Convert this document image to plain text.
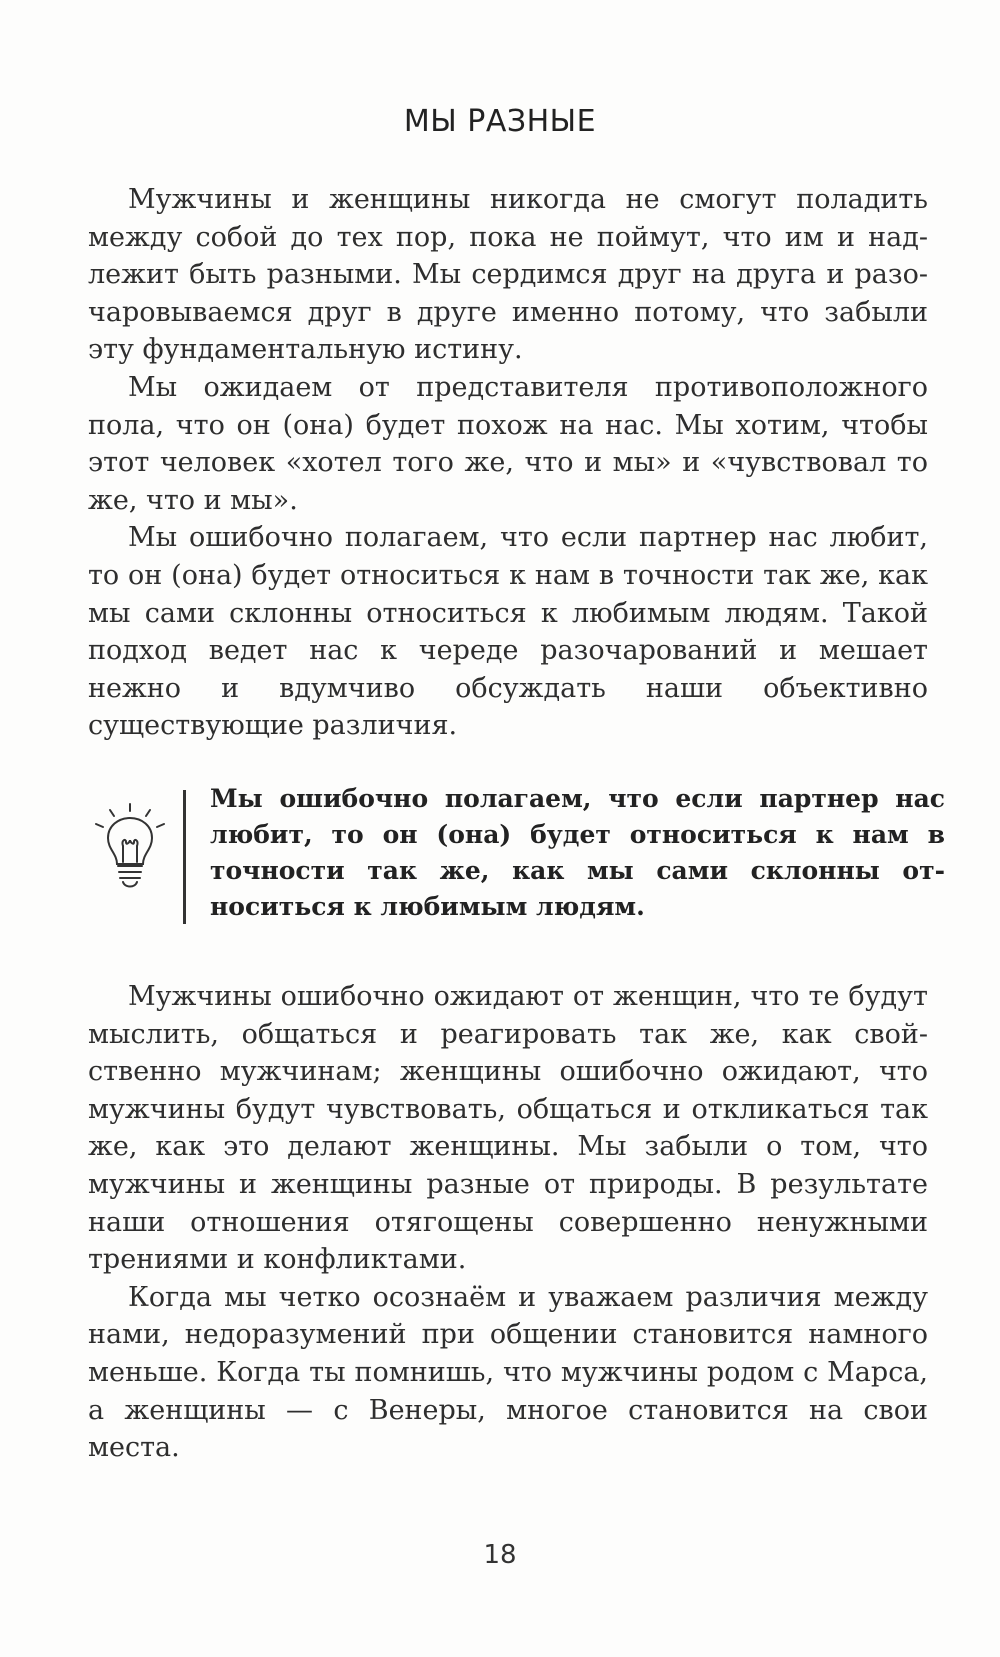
МЫ РАЗНЫЕ

Мужчины и женщины никогда не смогут поладить между собой до тех пор, пока не поймут, что им и надлежит быть разными. Мы сердимся друг на друга и разочаровываемся друг в друге именно потому, что забыли эту фундаментальную истину.

Мы ожидаем от представителя противоположного пола, что он (она) будет похож на нас. Мы хотим, чтобы этот человек «хотел того же, что и мы» и «чувствовал то же, что и мы».

Мы ошибочно полагаем, что если партнер нас любит, то он (она) будет относиться к нам в точности так же, как мы сами склонны относиться к любимым людям. Такой подход ведет нас к череде разочарований и мешает нежно и вдумчиво обсуждать наши объективно существующие различия.

Мы ошибочно полагаем, что если партнер нас любит, то он (она) будет относиться к нам в точности так же, как мы сами склонны относиться к любимым людям.

Мужчины ошибочно ожидают от женщин, что те будут мыслить, общаться и реагировать так же, как свойственно мужчинам; женщины ошибочно ожидают, что мужчины будут чувствовать, общаться и откликаться так же, как это делают женщины. Мы забыли о том, что мужчины и женщины разные от природы. В результате наши отношения отягощены совершенно ненужными трениями и конфликтами.

Когда мы четко осознаём и уважаем различия между нами, недоразумений при общении становится намного меньше. Когда ты помнишь, что мужчины родом с Марса, а женщины — с Венеры, многое становится на свои места.

18
